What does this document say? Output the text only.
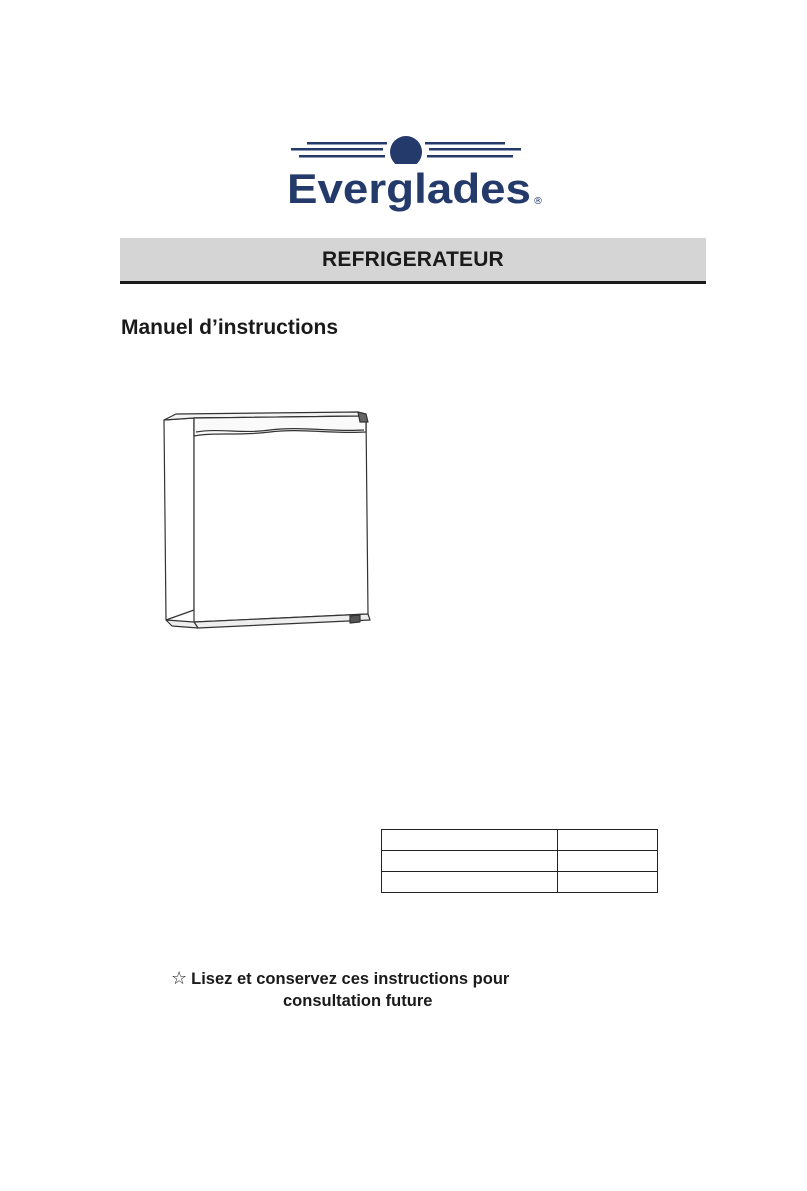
Everglades ®
REFRIGERATEUR
Manuel d’instructions

☆ Lisez et conservez ces instructions pour
consultation future
